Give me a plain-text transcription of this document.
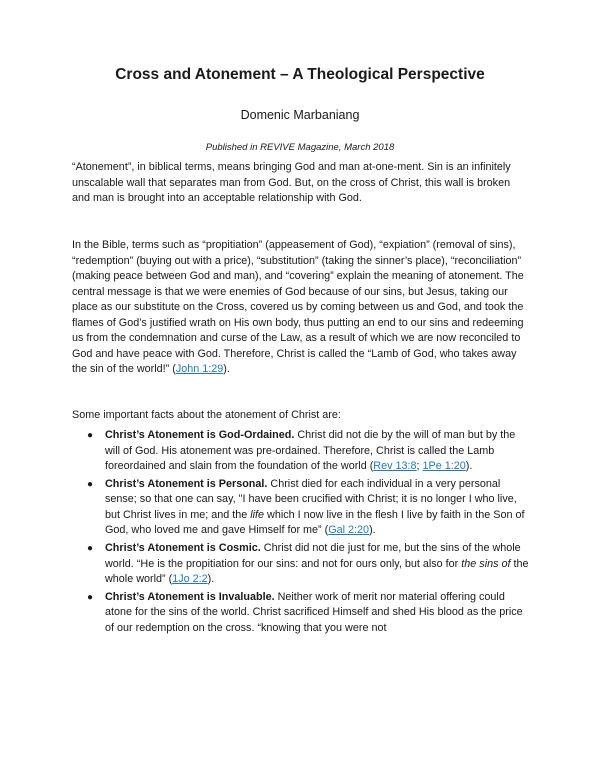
Cross and Atonement – A Theological Perspective
Domenic Marbaniang
Published in REVIVE Magazine, March 2018

“Atonement”, in biblical terms, means bringing God and man at-one-ment. Sin is an infinitely unscalable wall that separates man from God. But, on the cross of Christ, this wall is broken and man is brought into an acceptable relationship with God.

In the Bible, terms such as “propitiation” (appeasement of God), “expiation” (removal of sins), “redemption” (buying out with a price), “substitution” (taking the sinner’s place), “reconciliation” (making peace between God and man), and “covering” explain the meaning of atonement. The central message is that we were enemies of God because of our sins, but Jesus, taking our place as our substitute on the Cross, covered us by coming between us and God, and took the flames of God’s justified wrath on His own body, thus putting an end to our sins and redeeming us from the condemnation and curse of the Law, as a result of which we are now reconciled to God and have peace with God. Therefore, Christ is called the “Lamb of God, who takes away the sin of the world!” (John 1:29).

Some important facts about the atonement of Christ are:

● Christ’s Atonement is God-Ordained. Christ did not die by the will of man but by the will of God. His atonement was pre-ordained. Therefore, Christ is called the Lamb foreordained and slain from the foundation of the world (Rev 13:8; 1Pe 1:20).
● Christ’s Atonement is Personal. Christ died for each individual in a very personal sense; so that one can say, "I have been crucified with Christ; it is no longer I who live, but Christ lives in me; and the life which I now live in the flesh I live by faith in the Son of God, who loved me and gave Himself for me” (Gal 2:20).
● Christ’s Atonement is Cosmic. Christ did not die just for me, but the sins of the whole world. “He is the propitiation for our sins: and not for ours only, but also for the sins of the whole world” (1Jo 2:2).
● Christ’s Atonement is Invaluable. Neither work of merit nor material offering could atone for the sins of the world. Christ sacrificed Himself and shed His blood as the price of our redemption on the cross. “knowing that you were not
